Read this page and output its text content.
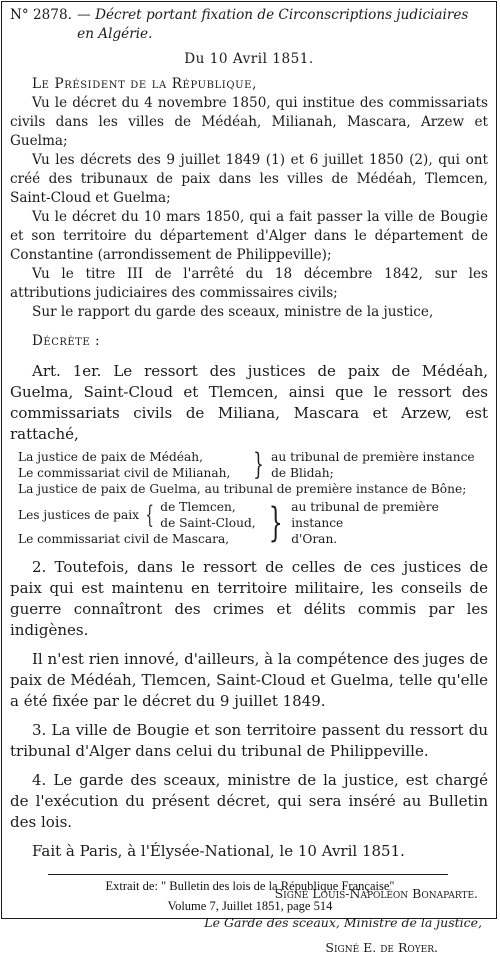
N° 2878. — Décret portant fixation de Circonscriptions judiciaires en Algérie.
Du 10 Avril 1851.
Le Président de la République,

Vu le décret du 4 novembre 1850, qui institue des commissariats civils dans les villes de Médéah, Milianah, Mascara, Arzew et Guelma;

Vu les décrets des 9 juillet 1849 (1) et 6 juillet 1850 (2), qui ont créé des tribunaux de paix dans les villes de Médéah, Tlemcen, Saint-Cloud et Guelma;

Vu le décret du 10 mars 1850, qui a fait passer la ville de Bougie et son territoire du département d'Alger dans le département de Constantine (arrondissement de Philippeville);

Vu le titre III de l'arrêté du 18 décembre 1842, sur les attributions judiciaires des commissaires civils;

Sur le rapport du garde des sceaux, ministre de la justice,

Décrète :
Art. 1er. Le ressort des justices de paix de Médéah, Guelma, Saint-Cloud et Tlemcen, ainsi que le ressort des commissariats civils de Miliana, Mascara et Arzew, est rattaché,
La justice de paix de Médéah,
Le commissariat civil de Milianah, } au tribunal de première instance
de Blidah;
La justice de paix de Guelma, au tribunal de première instance de Bône;
Les justices de paix { de Tlemcen,
de Saint-Cloud,
Le commissariat civil de Mascara, } au tribunal de première instance
d'Oran.
2. Toutefois, dans le ressort de celles de ces justices de paix qui est maintenu en territoire militaire, les conseils de guerre connaîtront des crimes et délits commis par les indigènes.
Il n'est rien innové, d'ailleurs, à la compétence des juges de paix de Médéah, Tlemcen, Saint-Cloud et Guelma, telle qu'elle a été fixée par le décret du 9 juillet 1849.
3. La ville de Bougie et son territoire passent du ressort du tribunal d'Alger dans celui du tribunal de Philippeville.
4. Le garde des sceaux, ministre de la justice, est chargé de l'exécution du présent décret, qui sera inséré au Bulletin des lois.
Fait à Paris, à l'Élysée-National, le 10 Avril 1851.
Signé Louis-Napoléon Bonaparte.
Le Garde des sceaux, Ministre de la justice,
Signé E. de Royer.
Extrait de: " Bulletin des lois de la République Française"
Volume 7, Juillet 1851, page 514
